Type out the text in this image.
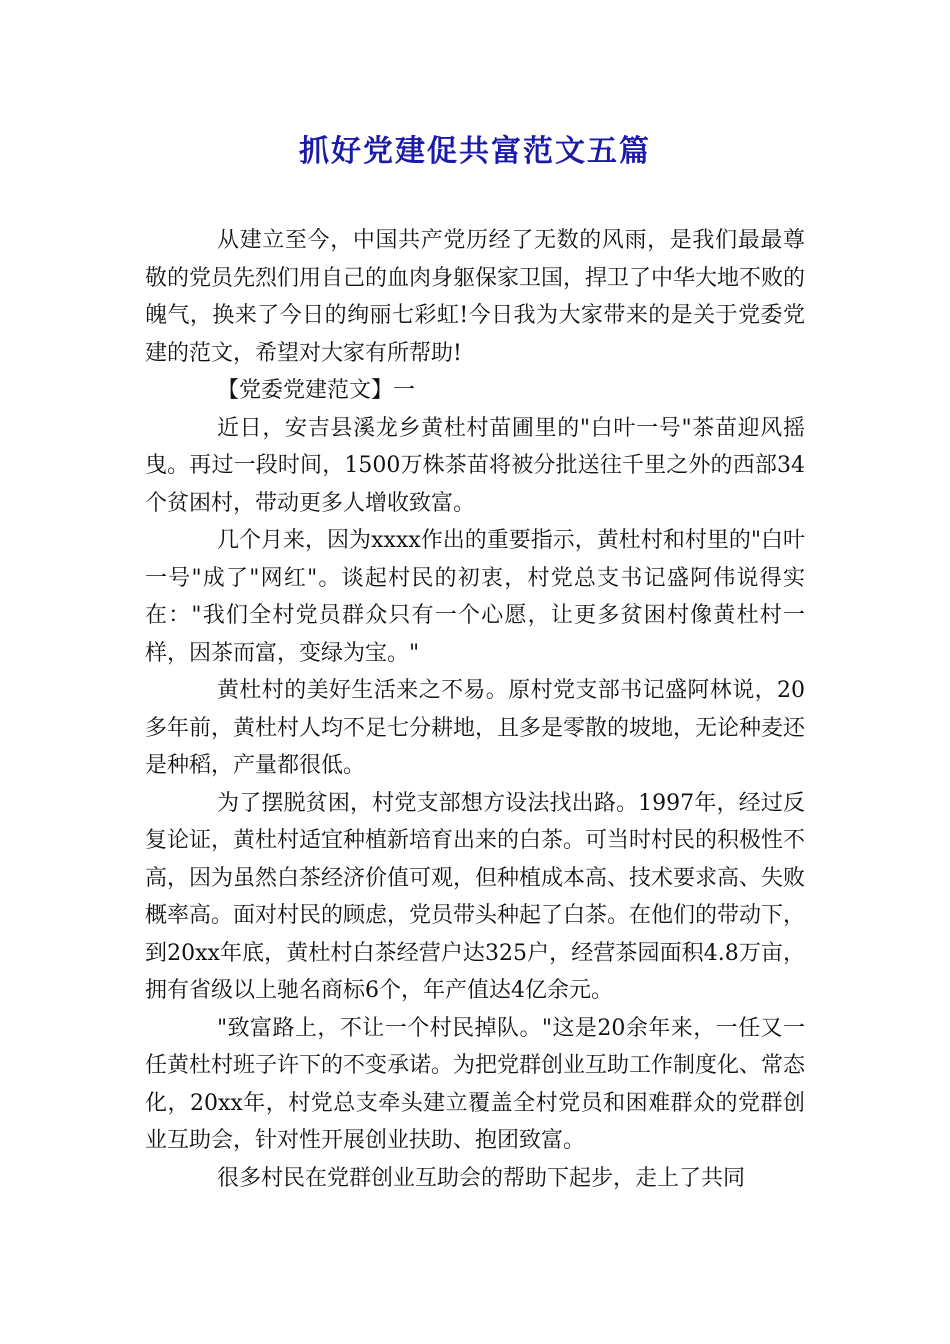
抓好党建促共富范文五篇

从建立至今，中国共产党历经了无数的风雨，是我们最最尊敬的党员先烈们用自己的血肉身躯保家卫国，捍卫了中华大地不败的魄气，换来了今日的绚丽七彩虹!今日我为大家带来的是关于党委党建的范文，希望对大家有所帮助!

【党委党建范文】一

近日，安吉县溪龙乡黄杜村苗圃里的"白叶一号"茶苗迎风摇曳。再过一段时间，1500万株茶苗将被分批送往千里之外的西部34个贫困村，带动更多人增收致富。

几个月来，因为xxxx作出的重要指示，黄杜村和村里的"白叶一号"成了"网红"。谈起村民的初衷，村党总支书记盛阿伟说得实在："我们全村党员群众只有一个心愿，让更多贫困村像黄杜村一样，因茶而富，变绿为宝。"

黄杜村的美好生活来之不易。原村党支部书记盛阿林说，20多年前，黄杜村人均不足七分耕地，且多是零散的坡地，无论种麦还是种稻，产量都很低。

为了摆脱贫困，村党支部想方设法找出路。1997年，经过反复论证，黄杜村适宜种植新培育出来的白茶。可当时村民的积极性不高，因为虽然白茶经济价值可观，但种植成本高、技术要求高、失败概率高。面对村民的顾虑，党员带头种起了白茶。在他们的带动下，到20xx年底，黄杜村白茶经营户达325户，经营茶园面积4.8万亩，拥有省级以上驰名商标6个，年产值达4亿余元。

"致富路上，不让一个村民掉队。"这是20余年来，一任又一任黄杜村班子许下的不变承诺。为把党群创业互助工作制度化、常态化，20xx年，村党总支牵头建立覆盖全村党员和困难群众的党群创业互助会，针对性开展创业扶助、抱团致富。

很多村民在党群创业互助会的帮助下起步，走上了共同
